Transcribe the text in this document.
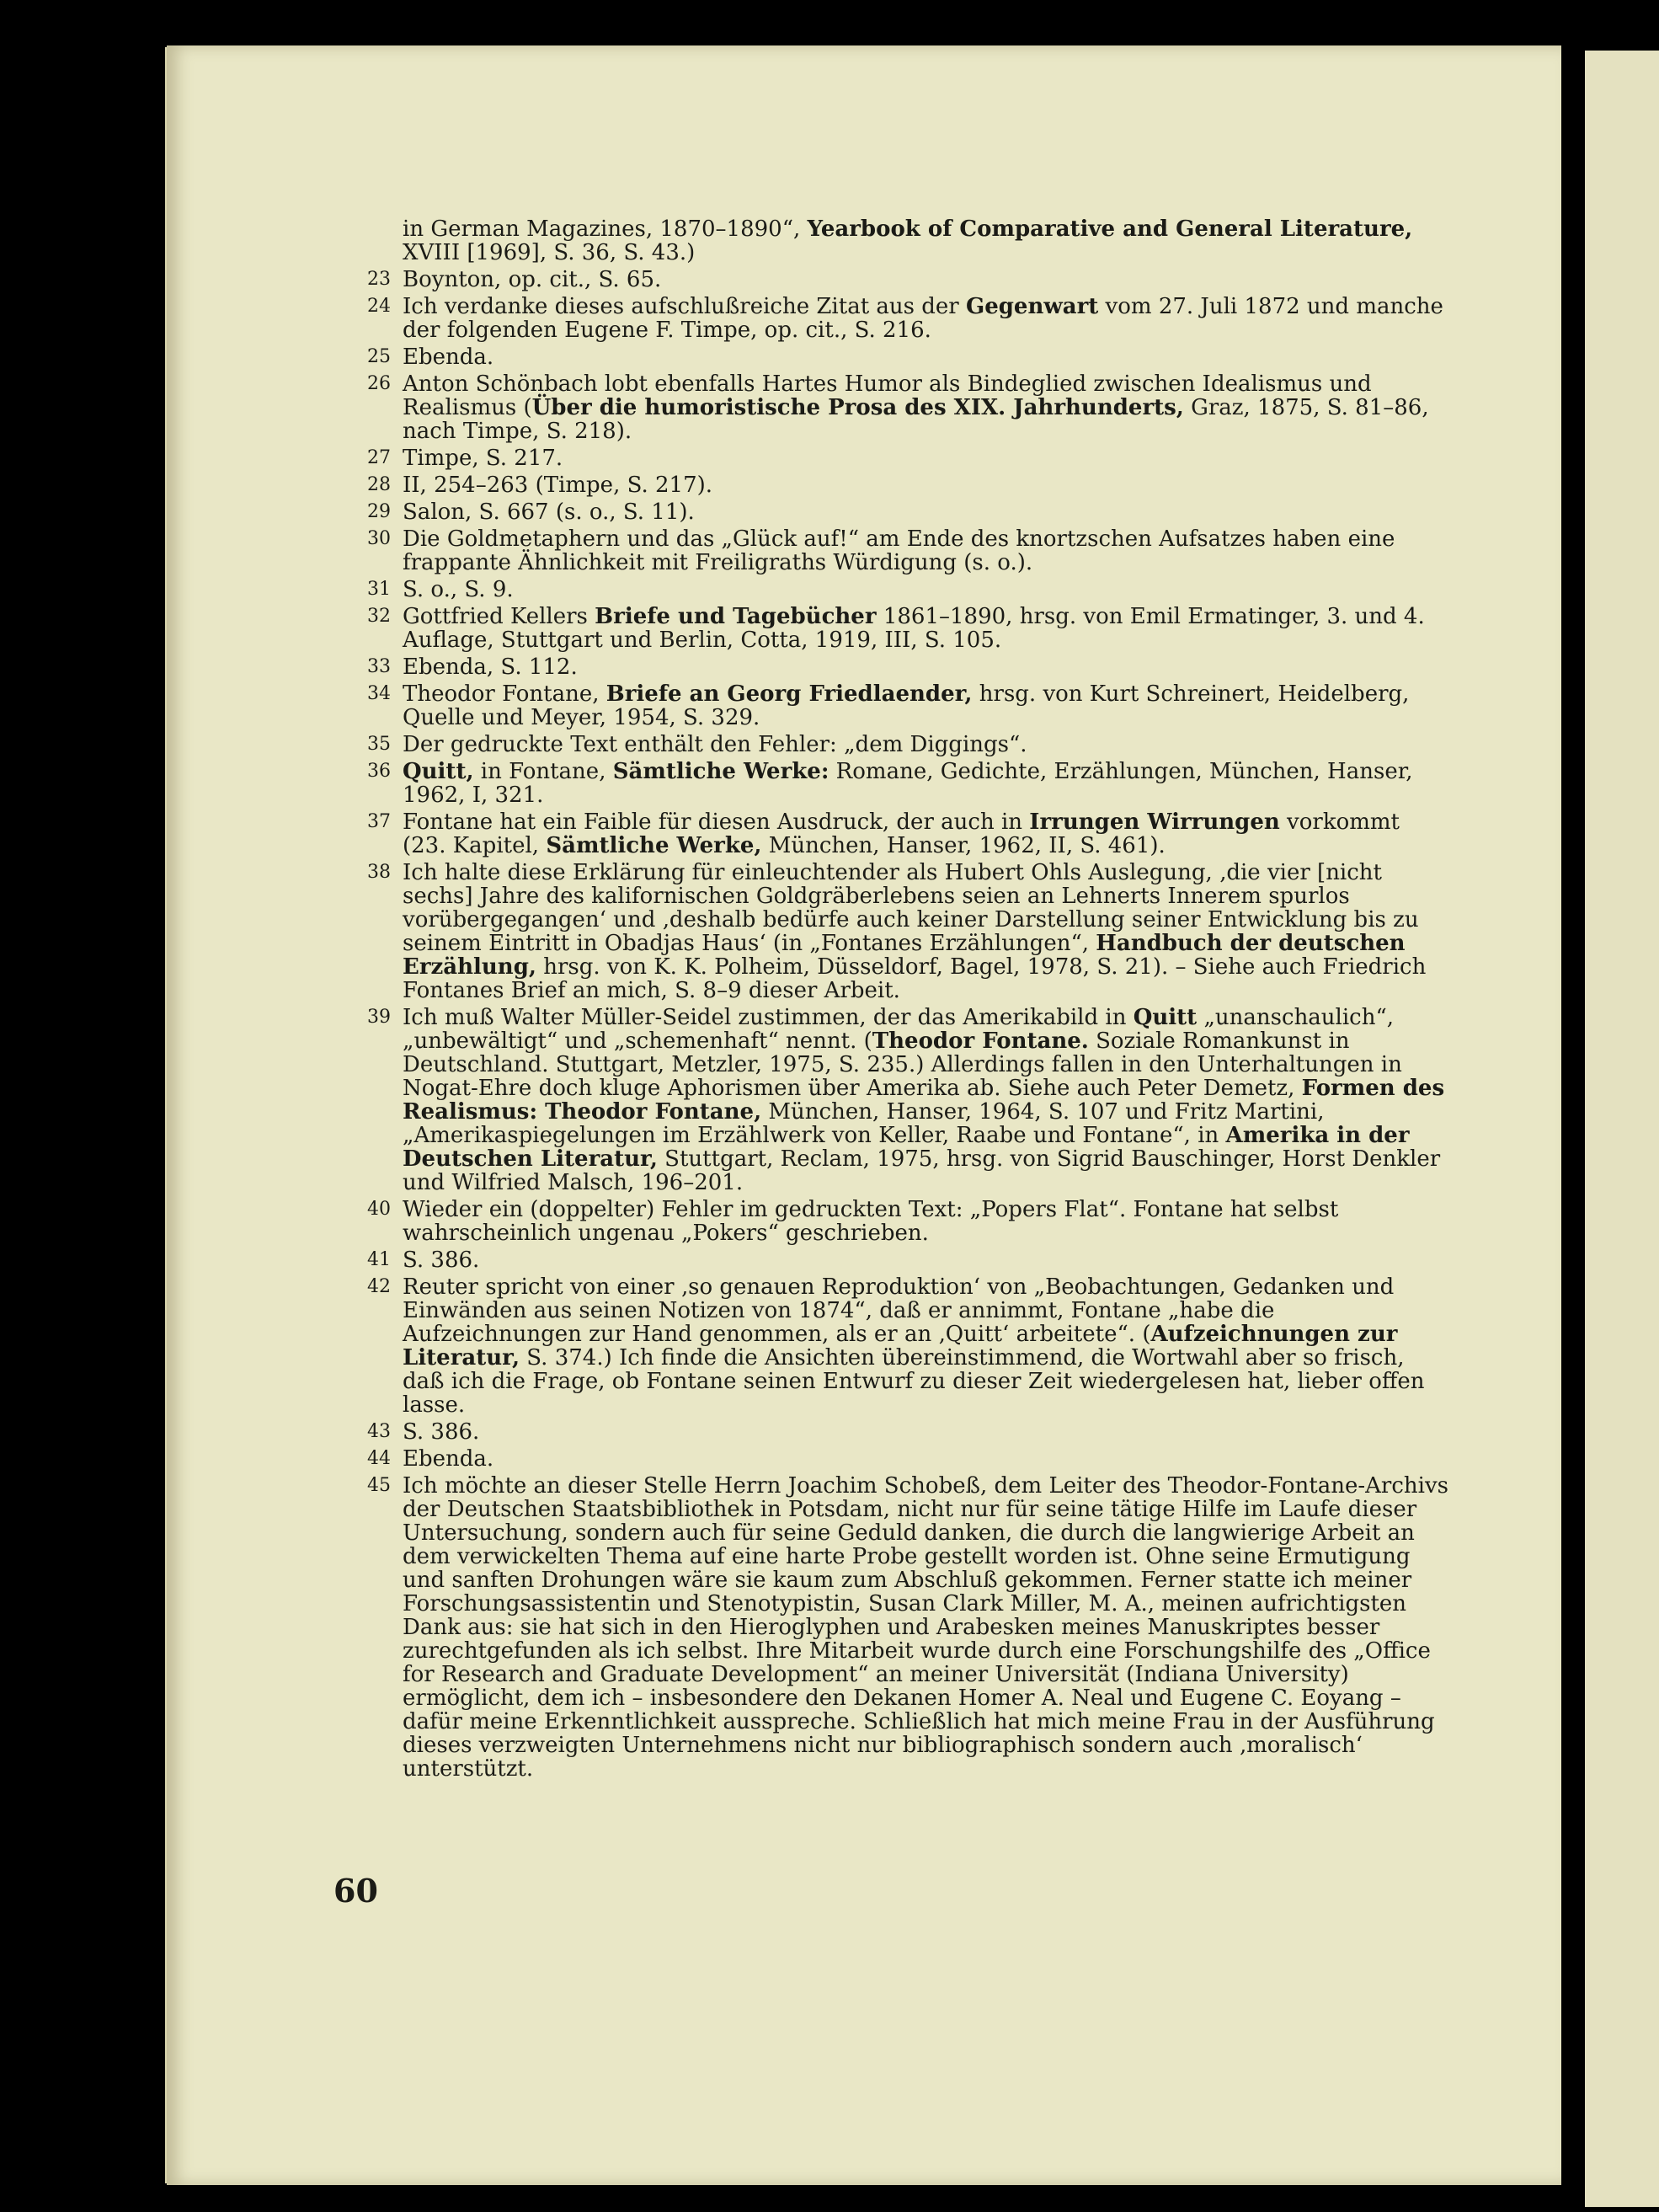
in German Magazines, 1870–1890“, Yearbook of Comparative and General Literature, XVIII [1969], S. 36, S. 43.)
23 Boynton, op. cit., S. 65.
24 Ich verdanke dieses aufschlußreiche Zitat aus der Gegenwart vom 27. Juli 1872 und manche der folgenden Eugene F. Timpe, op. cit., S. 216.
25 Ebenda.
26 Anton Schönbach lobt ebenfalls Hartes Humor als Bindeglied zwischen Idealismus und Realismus (Über die humoristische Prosa des XIX. Jahrhunderts, Graz, 1875, S. 81–86, nach Timpe, S. 218).
27 Timpe, S. 217.
28 II, 254–263 (Timpe, S. 217).
29 Salon, S. 667 (s. o., S. 11).
30 Die Goldmetaphern und das „Glück auf!“ am Ende des knortzschen Aufsatzes haben eine frappante Ähnlichkeit mit Freiligraths Würdigung (s. o.).
31 S. o., S. 9.
32 Gottfried Kellers Briefe und Tagebücher 1861–1890, hrsg. von Emil Ermatinger, 3. und 4. Auflage, Stuttgart und Berlin, Cotta, 1919, III, S. 105.
33 Ebenda, S. 112.
34 Theodor Fontane, Briefe an Georg Friedlaender, hrsg. von Kurt Schreinert, Heidelberg, Quelle und Meyer, 1954, S. 329.
35 Der gedruckte Text enthält den Fehler: „dem Diggings“.
36 Quitt, in Fontane, Sämtliche Werke: Romane, Gedichte, Erzählungen, München, Hanser, 1962, I, 321.
37 Fontane hat ein Faible für diesen Ausdruck, der auch in Irrungen Wirrungen vorkommt (23. Kapitel, Sämtliche Werke, München, Hanser, 1962, II, S. 461).
38 Ich halte diese Erklärung für einleuchtender als Hubert Ohls Auslegung, ‚die vier [nicht sechs] Jahre des kalifornischen Goldgräberlebens seien an Lehnerts Innerem spurlos vorübergegangen‘ und ‚deshalb bedürfe auch keiner Darstellung seiner Entwicklung bis zu seinem Eintritt in Obadjas Haus‘ (in „Fontanes Erzählungen“, Handbuch der deutschen Erzählung, hrsg. von K. K. Polheim, Düsseldorf, Bagel, 1978, S. 21). – Siehe auch Friedrich Fontanes Brief an mich, S. 8–9 dieser Arbeit.
39 Ich muß Walter Müller-Seidel zustimmen, der das Amerikabild in Quitt „unanschaulich“, „unbewältigt“ und „schemenhaft“ nennt. (Theodor Fontane. Soziale Romankunst in Deutschland. Stuttgart, Metzler, 1975, S. 235.) Allerdings fallen in den Unterhaltungen in Nogat-Ehre doch kluge Aphorismen über Amerika ab. Siehe auch Peter Demetz, Formen des Realismus: Theodor Fontane, München, Hanser, 1964, S. 107 und Fritz Martini, „Amerikaspiegelungen im Erzählwerk von Keller, Raabe und Fontane“, in Amerika in der Deutschen Literatur, Stuttgart, Reclam, 1975, hrsg. von Sigrid Bauschinger, Horst Denkler und Wilfried Malsch, 196–201.
40 Wieder ein (doppelter) Fehler im gedruckten Text: „Popers Flat“. Fontane hat selbst wahrscheinlich ungenau „Pokers“ geschrieben.
41 S. 386.
42 Reuter spricht von einer ‚so genauen Reproduktion‘ von „Beobachtungen, Gedanken und Einwänden aus seinen Notizen von 1874“, daß er annimmt, Fontane „habe die Aufzeichnungen zur Hand genommen, als er an ‚Quitt‘ arbeitete“. (Aufzeichnungen zur Literatur, S. 374.) Ich finde die Ansichten übereinstimmend, die Wortwahl aber so frisch, daß ich die Frage, ob Fontane seinen Entwurf zu dieser Zeit wiedergelesen hat, lieber offen lasse.
43 S. 386.
44 Ebenda.
45 Ich möchte an dieser Stelle Herrn Joachim Schobeß, dem Leiter des Theodor-Fontane-Archivs der Deutschen Staatsbibliothek in Potsdam, nicht nur für seine tätige Hilfe im Laufe dieser Untersuchung, sondern auch für seine Geduld danken, die durch die langwierige Arbeit an dem verwickelten Thema auf eine harte Probe gestellt worden ist. Ohne seine Ermutigung und sanften Drohungen wäre sie kaum zum Abschluß gekommen. Ferner statte ich meiner Forschungsassistentin und Stenotypistin, Susan Clark Miller, M. A., meinen aufrichtigsten Dank aus: sie hat sich in den Hieroglyphen und Arabesken meines Manuskriptes besser zurechtgefunden als ich selbst. Ihre Mitarbeit wurde durch eine Forschungshilfe des „Office for Research and Graduate Development“ an meiner Universität (Indiana University) ermöglicht, dem ich – insbesondere den Dekanen Homer A. Neal und Eugene C. Eoyang – dafür meine Erkenntlichkeit ausspreche. Schließlich hat mich meine Frau in der Ausführung dieses verzweigten Unternehmens nicht nur bibliographisch sondern auch ‚moralisch‘ unterstützt.
60
